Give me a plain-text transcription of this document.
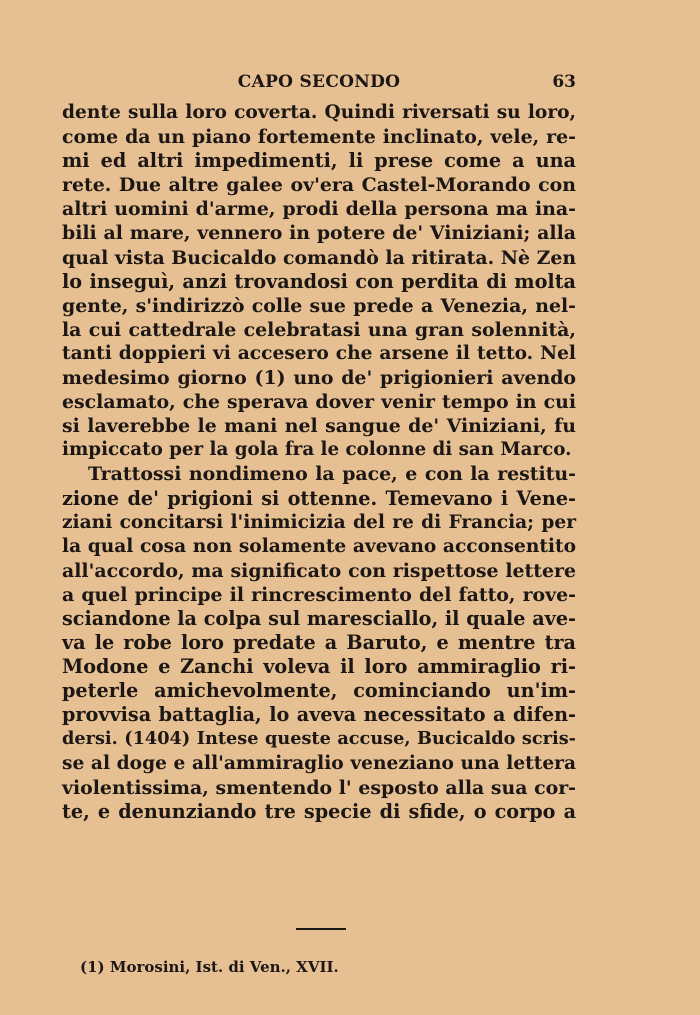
CAPO SECONDO	63
dente sulla loro coverta. Quindi riversati su loro,
come da un piano fortemente inclinato, vele, re-
mi ed altri impedimenti, li prese come a una
rete. Due altre galee ov'era Castel-Morando con
altri uomini d'arme, prodi della persona ma ina-
bili al mare, vennero in potere de' Viniziani; alla
qual vista Bucicaldo comandò la ritirata. Nè Zen
lo inseguì, anzi trovandosi con perdita di molta
gente, s'indirizzò colle sue prede a Venezia, nel-
la cui cattedrale celebratasi una gran solennità,
tanti doppieri vi accesero che arsene il tetto. Nel
medesimo giorno (1) uno de' prigionieri avendo
esclamato, che sperava dover venir tempo in cui
si laverebbe le mani nel sangue de' Viniziani, fu
impiccato per la gola fra le colonne di san Marco.
Trattossi nondimeno la pace, e con la restitu-
zione de' prigioni si ottenne. Temevano i Vene-
ziani concitarsi l'inimicizia del re di Francia; per
la qual cosa non solamente avevano acconsentito
all'accordo, ma significato con rispettose lettere
a quel principe il rincrescimento del fatto, rove-
sciandone la colpa sul maresciallo, il quale ave-
va le robe loro predate a Baruto, e mentre tra
Modone e Zanchi voleva il loro ammiraglio ri-
peterle amichevolmente, cominciando un'im-
provvisa battaglia, lo aveva necessitato a difen-
dersi. (1404) Intese queste accuse, Bucicaldo scris-
se al doge e all'ammiraglio veneziano una lettera
violentissima, smentendo l' esposto alla sua cor-
te, e denunziando tre specie di sfide, o corpo a
(1) Morosini, Ist. di Ven., XVII.
